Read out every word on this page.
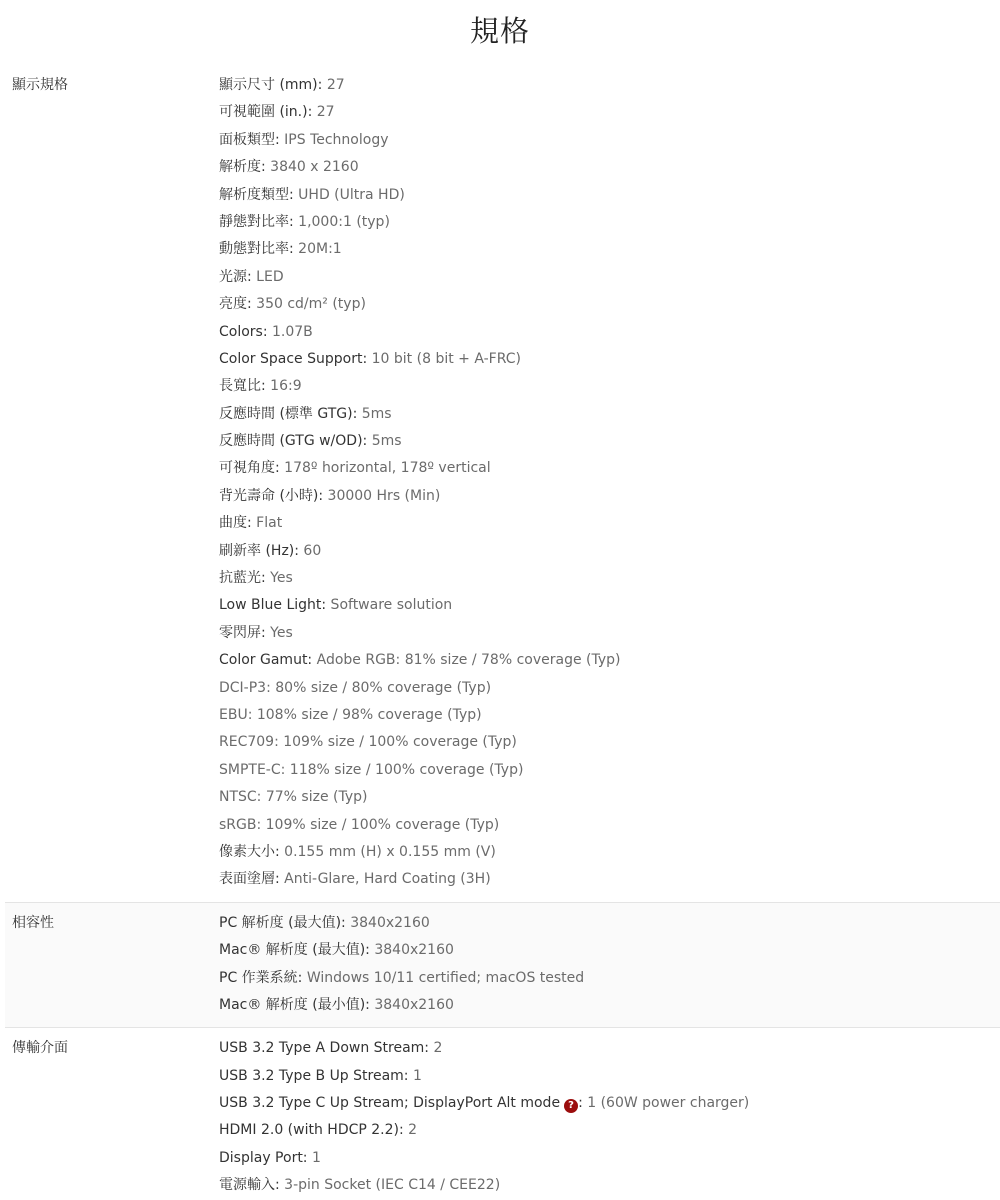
規格
顯示規格	顯示尺寸 (mm): 27
可視範圍 (in.): 27
面板類型: IPS Technology
解析度: 3840 x 2160
解析度類型: UHD (Ultra HD)
靜態對比率: 1,000:1 (typ)
動態對比率: 20M:1
光源: LED
亮度: 350 cd/m² (typ)
Colors: 1.07B
Color Space Support: 10 bit (8 bit + A-FRC)
長寬比: 16:9
反應時間 (標準 GTG): 5ms
反應時間 (GTG w/OD): 5ms
可視角度: 178º horizontal, 178º vertical
背光壽命 (小時): 30000 Hrs (Min)
曲度: Flat
刷新率 (Hz): 60
抗藍光: Yes
Low Blue Light: Software solution
零閃屏: Yes
Color Gamut: Adobe RGB: 81% size / 78% coverage (Typ)
DCI-P3: 80% size / 80% coverage (Typ)
EBU: 108% size / 98% coverage (Typ)
REC709: 109% size / 100% coverage (Typ)
SMPTE-C: 118% size / 100% coverage (Typ)
NTSC: 77% size (Typ)
sRGB: 109% size / 100% coverage (Typ)
像素大小: 0.155 mm (H) x 0.155 mm (V)
表面塗層: Anti-Glare, Hard Coating (3H)
相容性	PC 解析度 (最大值): 3840x2160
Mac® 解析度 (最大值): 3840x2160
PC 作業系統: Windows 10/11 certified; macOS tested
Mac® 解析度 (最小值): 3840x2160
傳輸介面	USB 3.2 Type A Down Stream: 2
USB 3.2 Type B Up Stream: 1
USB 3.2 Type C Up Stream; DisplayPort Alt mode ? : 1 (60W power charger)
HDMI 2.0 (with HDCP 2.2): 2
Display Port: 1
電源輸入: 3-pin Socket (IEC C14 / CEE22)
